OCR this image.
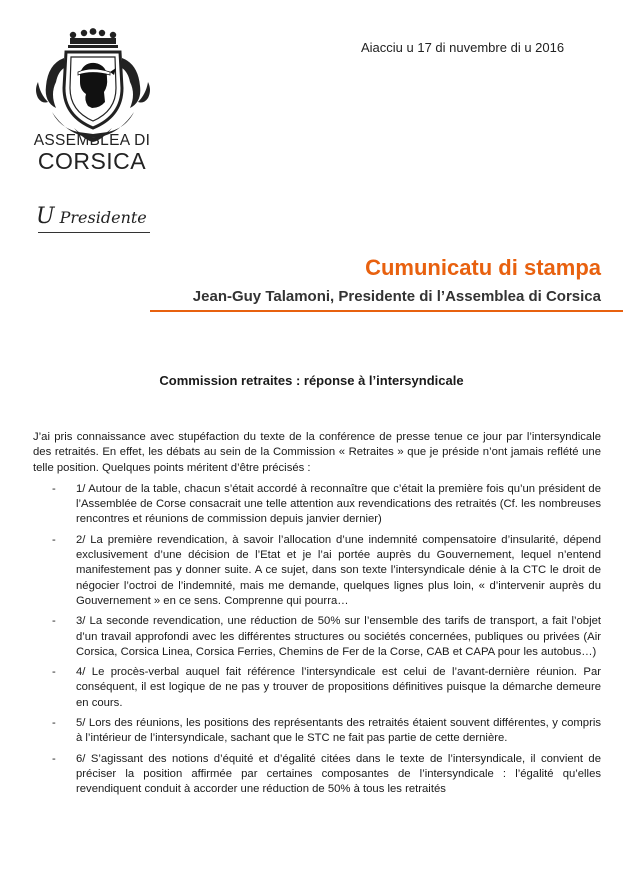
Aiacciu u 17 di nuvembre di u 2016
ASSEMBLEA DI
CORSICA
U Presidente
Cumunicatu di stampa
Jean-Guy Talamoni, Presidente di l’Assemblea di Corsica
Commission retraites : réponse à l’intersyndicale

J’ai pris connaissance avec stupéfaction du texte de la conférence de presse tenue ce jour par l’intersyndicale des retraités. En effet, les débats au sein de la Commission « Retraites » que je préside n’ont jamais reflété une telle position. Quelques points méritent d’être précisés :

- 1/ Autour de la table, chacun s’était accordé à reconnaître que c’était la première fois qu’un président de l’Assemblée de Corse consacrait une telle attention aux revendications des retraités (Cf. les nombreuses rencontres et réunions de commission depuis janvier dernier)
- 2/ La première revendication, à savoir l’allocation d’une indemnité compensatoire d’insularité, dépend exclusivement d’une décision de l’Etat et je l’ai portée auprès du Gouvernement, lequel n’entend manifestement pas y donner suite. A ce sujet, dans son texte l’intersyndicale dénie à la CTC le droit de négocier l’octroi de l’indemnité, mais me demande, quelques lignes plus loin, « d’intervenir auprès du Gouvernement » en ce sens. Comprenne qui pourra…
- 3/ La seconde revendication, une réduction de 50% sur l’ensemble des tarifs de transport, a fait l’objet d’un travail approfondi avec les différentes structures ou sociétés concernées, publiques ou privées (Air Corsica, Corsica Linea, Corsica Ferries, Chemins de Fer de la Corse, CAB et CAPA pour les autobus…)
- 4/ Le procès-verbal auquel fait référence l’intersyndicale est celui de l’avant-dernière réunion. Par conséquent, il est logique de ne pas y trouver de propositions définitives puisque la démarche demeure en cours.
- 5/ Lors des réunions, les positions des représentants des retraités étaient souvent différentes, y compris à l’intérieur de l’intersyndicale, sachant que le STC ne fait pas partie de cette dernière.
- 6/ S’agissant des notions d’équité et d’égalité citées dans le texte de l’intersyndicale, il convient de préciser la position affirmée par certaines composantes de l’intersyndicale : l’égalité qu’elles revendiquent conduit à accorder une réduction de 50% à tous les retraités
